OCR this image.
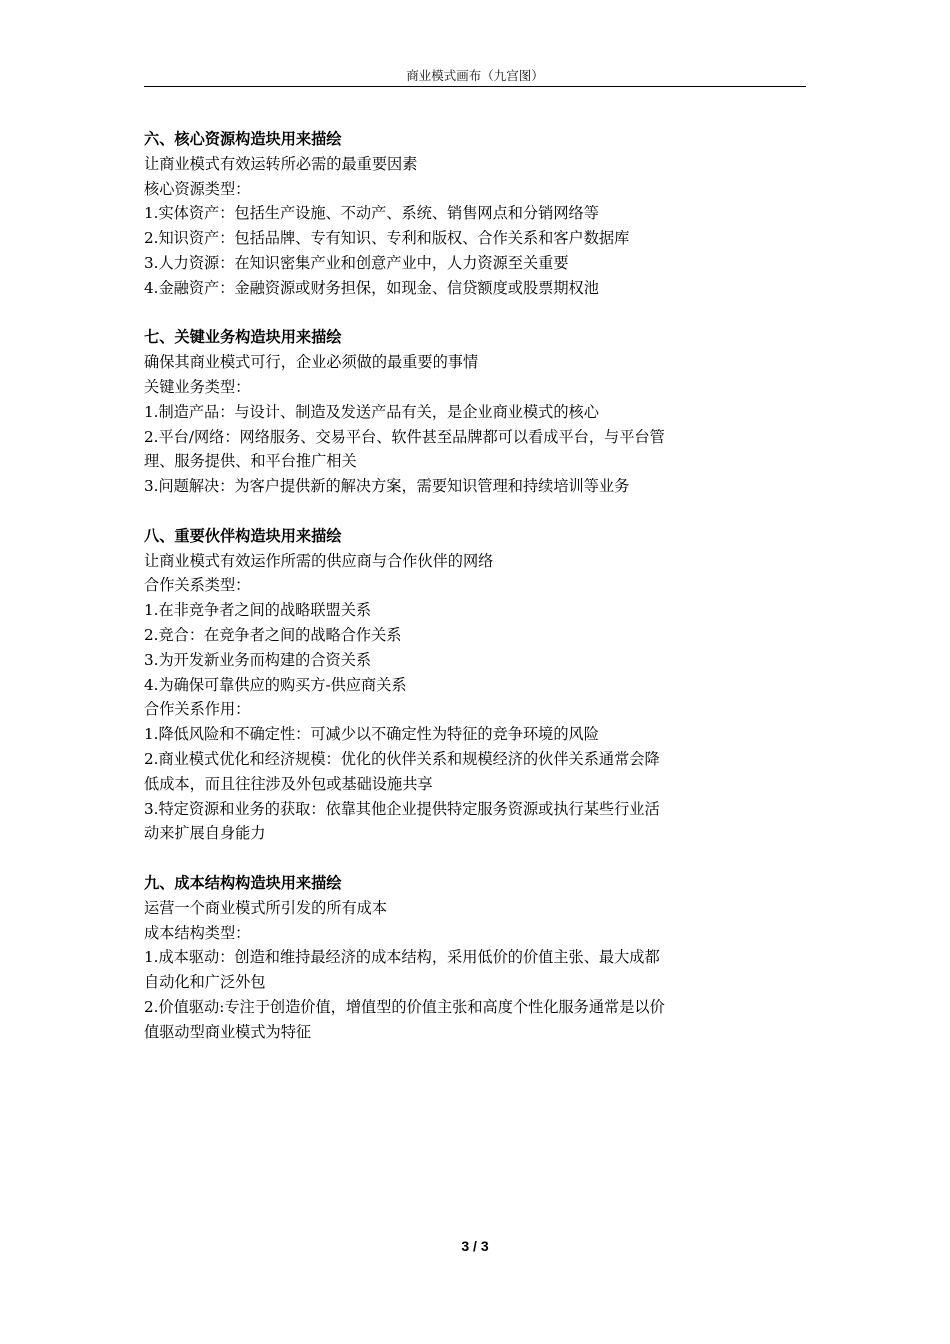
商业模式画布（九宫图）
六、核心资源构造块用来描绘
让商业模式有效运转所必需的最重要因素
核心资源类型：
1.实体资产：包括生产设施、不动产、系统、销售网点和分销网络等
2.知识资产：包括品牌、专有知识、专利和版权、合作关系和客户数据库
3.人力资源：在知识密集产业和创意产业中，人力资源至关重要
4.金融资产：金融资源或财务担保，如现金、信贷额度或股票期权池
七、关键业务构造块用来描绘
确保其商业模式可行，企业必须做的最重要的事情
关键业务类型：
1.制造产品：与设计、制造及发送产品有关，是企业商业模式的核心
2.平台/网络：网络服务、交易平台、软件甚至品牌都可以看成平台，与平台管
理、服务提供、和平台推广相关
3.问题解决：为客户提供新的解决方案，需要知识管理和持续培训等业务
八、重要伙伴构造块用来描绘
让商业模式有效运作所需的供应商与合作伙伴的网络
合作关系类型：
1.在非竞争者之间的战略联盟关系
2.竞合：在竞争者之间的战略合作关系
3.为开发新业务而构建的合资关系
4.为确保可靠供应的购买方-供应商关系
合作关系作用：
1.降低风险和不确定性：可减少以不确定性为特征的竞争环境的风险
2.商业模式优化和经济规模：优化的伙伴关系和规模经济的伙伴关系通常会降
低成本，而且往往涉及外包或基础设施共享
3.特定资源和业务的获取：依靠其他企业提供特定服务资源或执行某些行业活
动来扩展自身能力
九、成本结构构造块用来描绘
运营一个商业模式所引发的所有成本
成本结构类型：
1.成本驱动：创造和维持最经济的成本结构，采用低价的价值主张、最大成都
自动化和广泛外包
2.价值驱动:专注于创造价值，增值型的价值主张和高度个性化服务通常是以价
值驱动型商业模式为特征
3 / 3
